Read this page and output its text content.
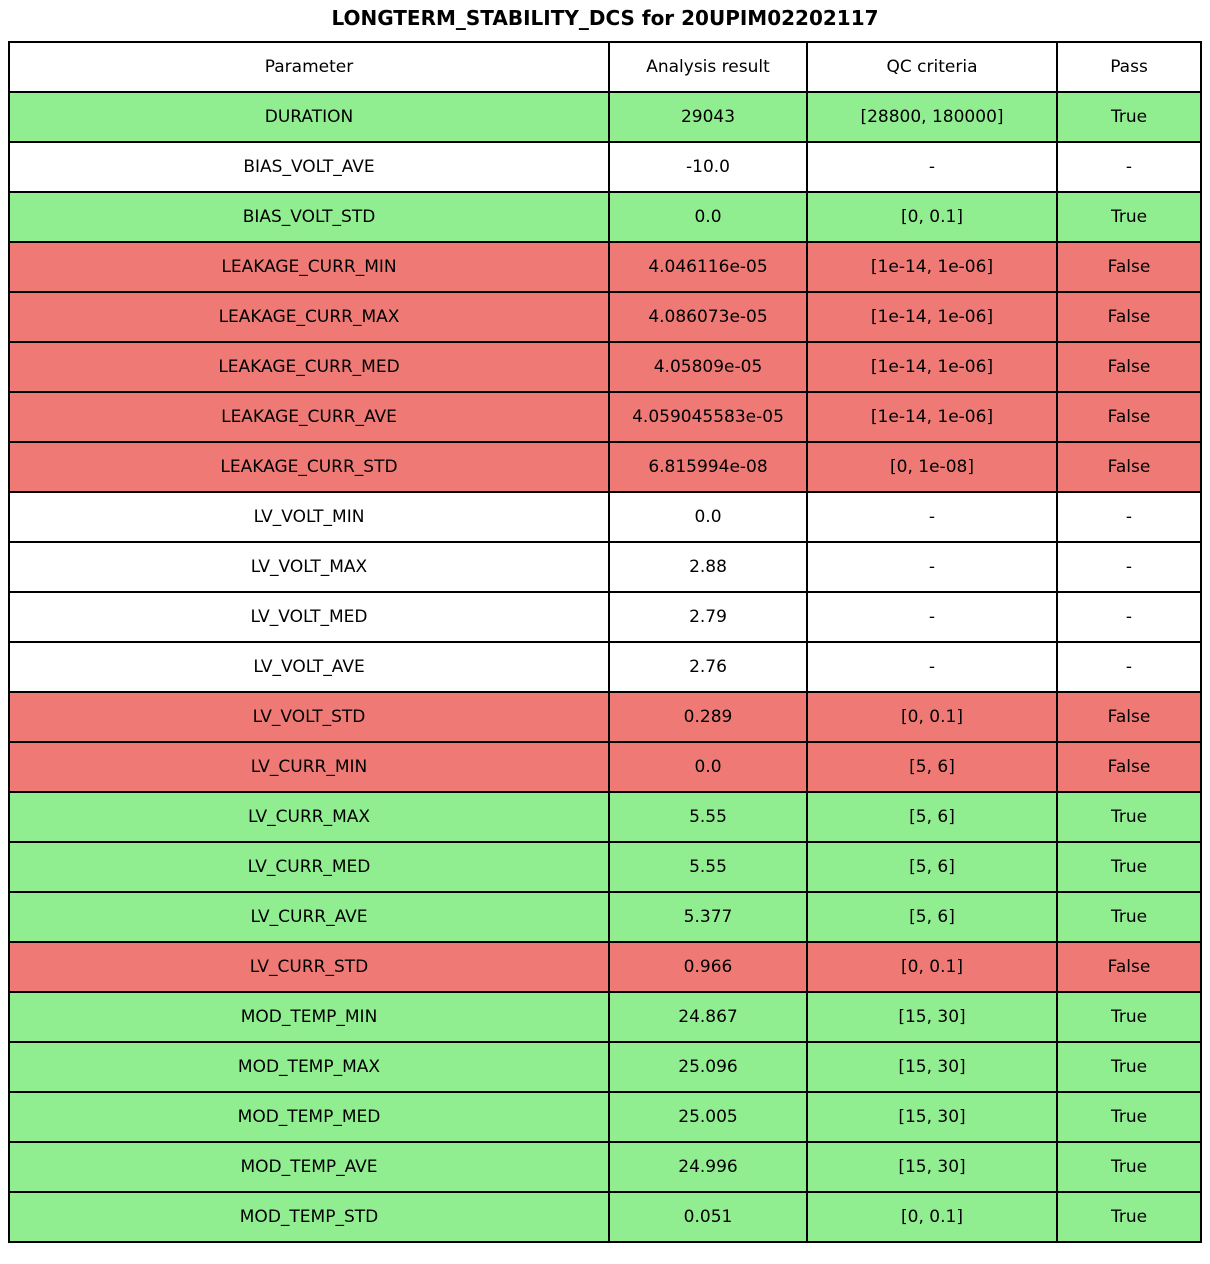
LONGTERM_STABILITY_DCS for 20UPIM02202117
Parameter	Analysis result	QC criteria	Pass
DURATION	29043	[28800, 180000]	True
BIAS_VOLT_AVE	-10.0	-	-
BIAS_VOLT_STD	0.0	[0, 0.1]	True
LEAKAGE_CURR_MIN	4.046116e-05	[1e-14, 1e-06]	False
LEAKAGE_CURR_MAX	4.086073e-05	[1e-14, 1e-06]	False
LEAKAGE_CURR_MED	4.05809e-05	[1e-14, 1e-06]	False
LEAKAGE_CURR_AVE	4.059045583e-05	[1e-14, 1e-06]	False
LEAKAGE_CURR_STD	6.815994e-08	[0, 1e-08]	False
LV_VOLT_MIN	0.0	-	-
LV_VOLT_MAX	2.88	-	-
LV_VOLT_MED	2.79	-	-
LV_VOLT_AVE	2.76	-	-
LV_VOLT_STD	0.289	[0, 0.1]	False
LV_CURR_MIN	0.0	[5, 6]	False
LV_CURR_MAX	5.55	[5, 6]	True
LV_CURR_MED	5.55	[5, 6]	True
LV_CURR_AVE	5.377	[5, 6]	True
LV_CURR_STD	0.966	[0, 0.1]	False
MOD_TEMP_MIN	24.867	[15, 30]	True
MOD_TEMP_MAX	25.096	[15, 30]	True
MOD_TEMP_MED	25.005	[15, 30]	True
MOD_TEMP_AVE	24.996	[15, 30]	True
MOD_TEMP_STD	0.051	[0, 0.1]	True
